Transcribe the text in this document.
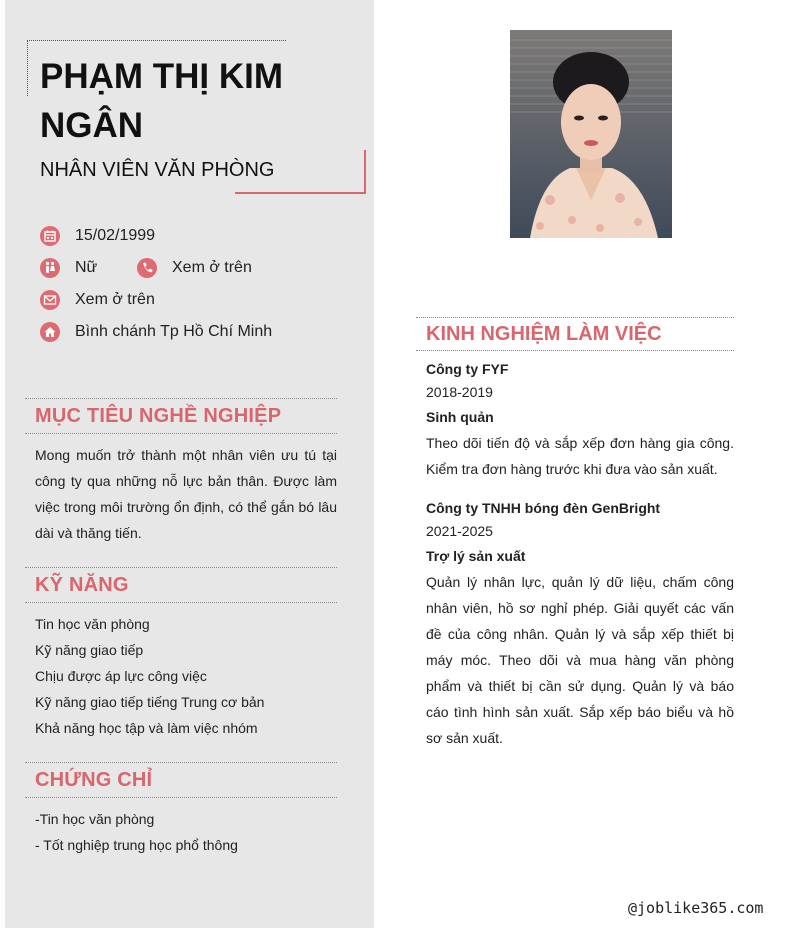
PHẠM THỊ KIM
NGÂN
NHÂN VIÊN VĂN PHÒNG
15/02/1999
Nữ	Xem ở trên
Xem ở trên
Bình chánh Tp Hồ Chí Minh
MỤC TIÊU NGHỀ NGHIỆP
Mong muốn trở thành một nhân viên ưu tú tại công ty qua những nỗ lực bản thân. Được làm việc trong môi trường ổn định, có thể gắn bó lâu dài và thăng tiến.
KỸ NĂNG
Tin học văn phòng
Kỹ năng giao tiếp
Chịu được áp lực công việc
Kỹ năng giao tiếp tiếng Trung cơ bản
Khả năng học tập và làm việc nhóm
CHỨNG CHỈ
-Tin học văn phòng
- Tốt nghiệp trung học phổ thông
KINH NGHIỆM LÀM VIỆC
Công ty FYF
2018-2019
Sinh quản
Theo dõi tiến độ và sắp xếp đơn hàng gia công. Kiểm tra đơn hàng trước khi đưa vào sản xuất.
Công ty TNHH bóng đèn GenBright
2021-2025
Trợ lý sản xuất
Quản lý nhân lực, quản lý dữ liệu, chấm công nhân viên, hồ sơ nghỉ phép. Giải quyết các vấn đề của công nhân. Quản lý và sắp xếp thiết bị máy móc. Theo dõi và mua hàng văn phòng phẩm và thiết bị cần sử dụng. Quản lý và báo cáo tình hình sản xuất. Sắp xếp báo biểu và hồ sơ sản xuất.
@joblike365.com
